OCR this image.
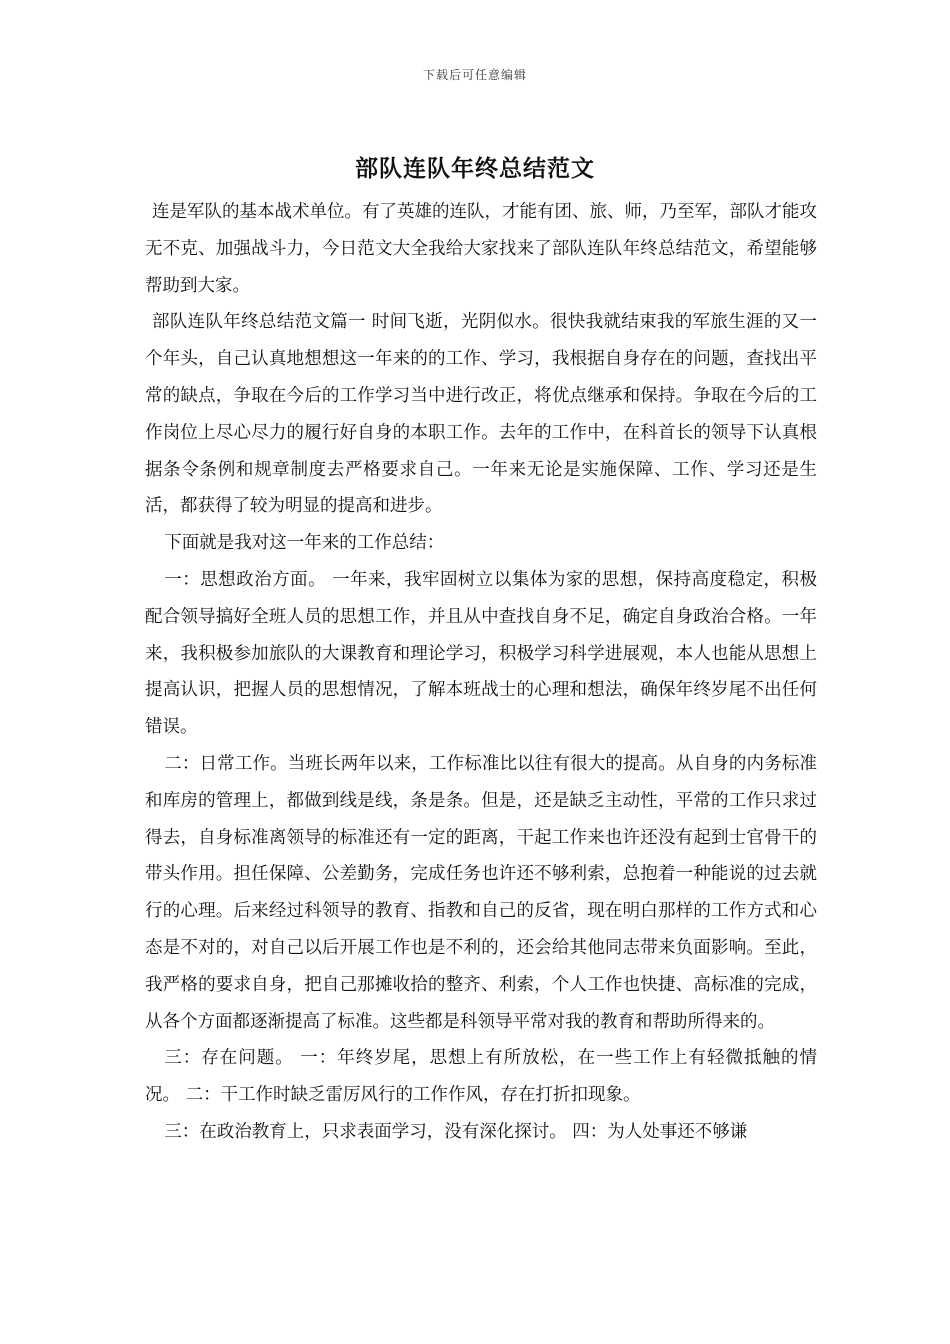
下载后可任意编辑
部队连队年终总结范文

连是军队的基本战术单位。有了英雄的连队，才能有团、旅、师，乃至军，部队才能攻无不克、加强战斗力，今日范文大全我给大家找来了部队连队年终总结范文，希望能够帮助到大家。

部队连队年终总结范文篇一 时间飞逝，光阴似水。很快我就结束我的军旅生涯的又一个年头，自己认真地想想这一年来的的工作、学习，我根据自身存在的问题，查找出平常的缺点，争取在今后的工作学习当中进行改正，将优点继承和保持。争取在今后的工作岗位上尽心尽力的履行好自身的本职工作。去年的工作中，在科首长的领导下认真根据条令条例和规章制度去严格要求自己。一年来无论是实施保障、工作、学习还是生活，都获得了较为明显的提高和进步。

下面就是我对这一年来的工作总结：

一：思想政治方面。 一年来，我牢固树立以集体为家的思想，保持高度稳定，积极配合领导搞好全班人员的思想工作，并且从中查找自身不足，确定自身政治合格。一年来，我积极参加旅队的大课教育和理论学习，积极学习科学进展观，本人也能从思想上提高认识，把握人员的思想情况，了解本班战士的心理和想法，确保年终岁尾不出任何错误。

二：日常工作。当班长两年以来，工作标准比以往有很大的提高。从自身的内务标准和库房的管理上，都做到线是线，条是条。但是，还是缺乏主动性，平常的工作只求过得去，自身标准离领导的标准还有一定的距离，干起工作来也许还没有起到士官骨干的带头作用。担任保障、公差勤务，完成任务也许还不够利索，总抱着一种能说的过去就行的心理。后来经过科领导的教育、指教和自己的反省，现在明白那样的工作方式和心态是不对的，对自己以后开展工作也是不利的，还会给其他同志带来负面影响。至此，我严格的要求自身，把自己那摊收拾的整齐、利索，个人工作也快捷、高标准的完成，从各个方面都逐渐提高了标准。这些都是科领导平常对我的教育和帮助所得来的。

三：存在问题。 一：年终岁尾，思想上有所放松，在一些工作上有轻微抵触的情况。 二：干工作时缺乏雷厉风行的工作作风，存在打折扣现象。

三：在政治教育上，只求表面学习，没有深化探讨。 四：为人处事还不够谦
